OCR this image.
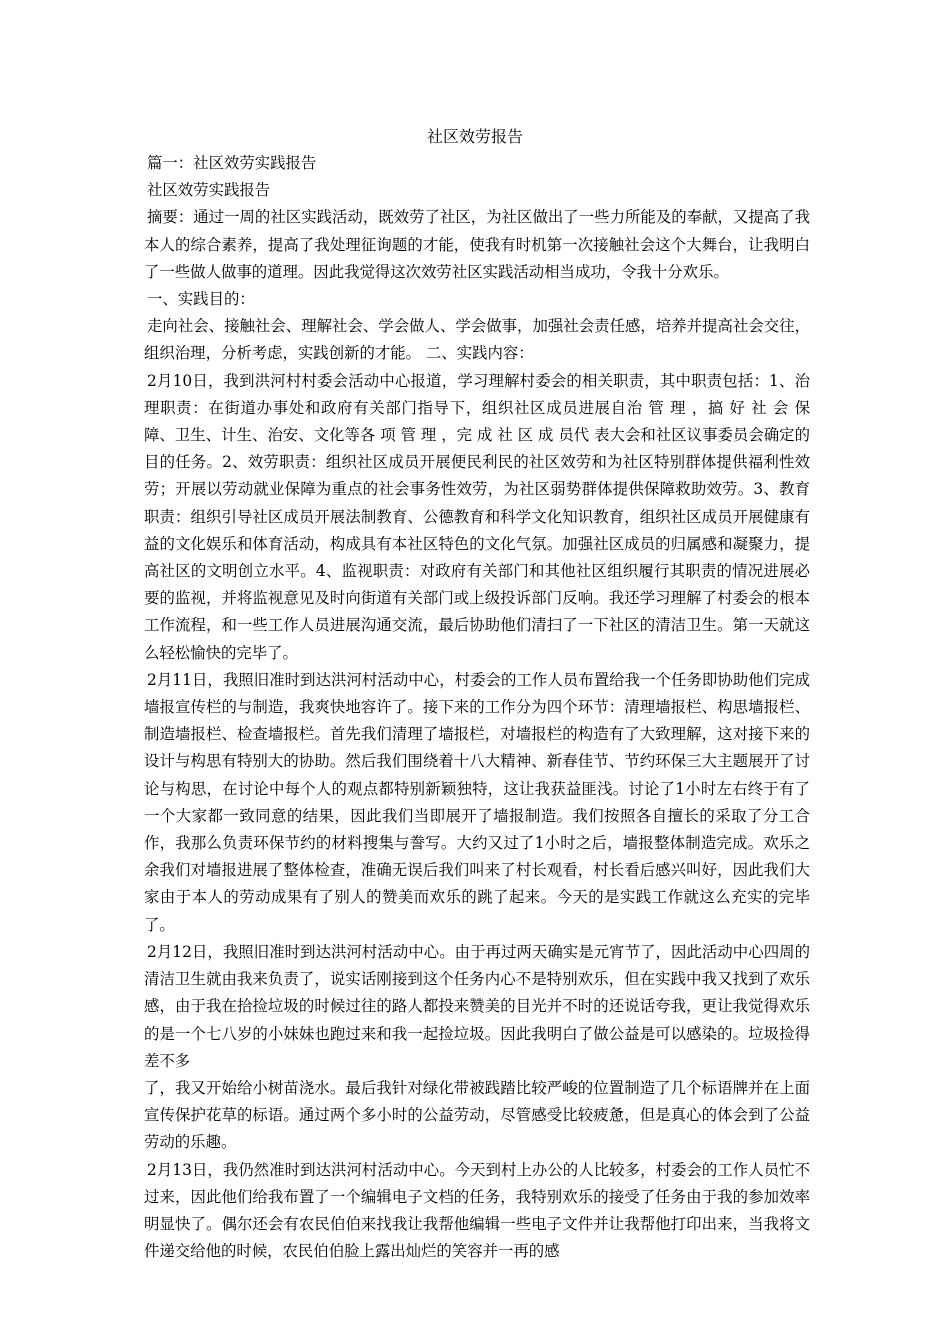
社区效劳报告

篇一：社区效劳实践报告

社区效劳实践报告

摘要：通过一周的社区实践活动，既效劳了社区，为社区做出了一些力所能及的奉献，又提高了我本人的综合素养，提高了我处理征询题的才能，使我有时机第一次接触社会这个大舞台，让我明白了一些做人做事的道理。因此我觉得这次效劳社区实践活动相当成功，令我十分欢乐。

一、实践目的：

走向社会、接触社会、理解社会、学会做人、学会做事，加强社会责任感，培养并提高社会交往，组织治理，分析考虑，实践创新的才能。 二、实践内容：

2月10日，我到洪河村村委会活动中心报道，学习理解村委会的相关职责，其中职责包括：1、治理职责：在街道办事处和政府有关部门指导下，组织社区成员进展自治 管 理 ，搞 好 社 会 保 障、卫生、计生、治安、文化等各 项 管 理 ，完 成 社 区 成 员代 表大会和社区议事委员会确定的目的任务。2、效劳职责：组织社区成员开展便民利民的社区效劳和为社区特别群体提供福利性效劳；开展以劳动就业保障为重点的社会事务性效劳，为社区弱势群体提供保障救助效劳。3、教育职责：组织引导社区成员开展法制教育、公德教育和科学文化知识教育，组织社区成员开展健康有益的文化娱乐和体育活动，构成具有本社区特色的文化气氛。加强社区成员的归属感和凝聚力，提高社区的文明创立水平。4、监视职责：对政府有关部门和其他社区组织履行其职责的情况进展必要的监视，并将监视意见及时向街道有关部门或上级投诉部门反响。我还学习理解了村委会的根本工作流程，和一些工作人员进展沟通交流，最后协助他们清扫了一下社区的清洁卫生。第一天就这么轻松愉快的完毕了。

2月11日，我照旧准时到达洪河村活动中心，村委会的工作人员布置给我一个任务即协助他们完成墙报宣传栏的与制造，我爽快地容许了。接下来的工作分为四个环节：清理墙报栏、构思墙报栏、制造墙报栏、检查墙报栏。首先我们清理了墙报栏，对墙报栏的构造有了大致理解，这对接下来的设计与构思有特别大的协助。然后我们围绕着十八大精神、新春佳节、节约环保三大主题展开了讨论与构思，在讨论中每个人的观点都特别新颖独特，这让我获益匪浅。讨论了1小时左右终于有了一个大家都一致同意的结果，因此我们当即展开了墙报制造。我们按照各自擅长的采取了分工合作，我那么负责环保节约的材料搜集与誊写。大约又过了1小时之后，墙报整体制造完成。欢乐之余我们对墙报进展了整体检查，准确无误后我们叫来了村长观看，村长看后感兴叫好，因此我们大家由于本人的劳动成果有了别人的赞美而欢乐的跳了起来。今天的是实践工作就这么充实的完毕了。

2月12日，我照旧准时到达洪河村活动中心。由于再过两天确实是元宵节了，因此活动中心四周的清洁卫生就由我来负责了，说实话刚接到这个任务内心不是特别欢乐，但在实践中我又找到了欢乐感，由于我在拾捡垃圾的时候过往的路人都投来赞美的目光并不时的还说话夸我，更让我觉得欢乐的是一个七八岁的小妹妹也跑过来和我一起捡垃圾。因此我明白了做公益是可以感染的。垃圾捡得差不多

了，我又开始给小树苗浇水。最后我针对绿化带被践踏比较严峻的位置制造了几个标语牌并在上面宣传保护花草的标语。通过两个多小时的公益劳动，尽管感受比较疲惫，但是真心的体会到了公益劳动的乐趣。

2月13日，我仍然准时到达洪河村活动中心。今天到村上办公的人比较多，村委会的工作人员忙不过来，因此他们给我布置了一个编辑电子文档的任务，我特别欢乐的接受了任务由于我的参加效率明显快了。偶尔还会有农民伯伯来找我让我帮他编辑一些电子文件并让我帮他打印出来，当我将文件递交给他的时候，农民伯伯脸上露出灿烂的笑容并一再的感
